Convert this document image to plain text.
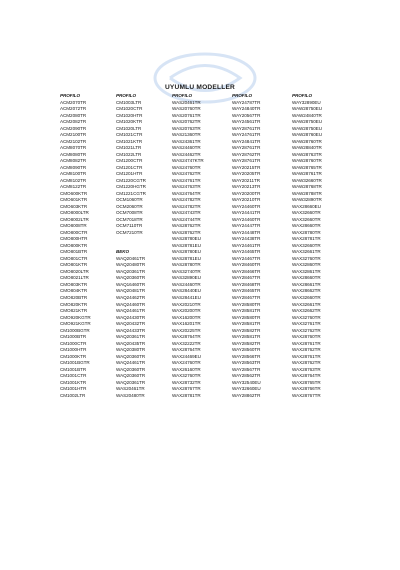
UYUMLU MODELLER
PROFILO
ACM2070TR
ACM2072TR
ACM2080TR
ACM2082TR
ACM2090TR
ACM2100TR
ACM2102TR
ACM8070TR
ACM8080TR
ACM8082TR
ACM8090TR
ACM8100TR
ACM8102TR
ACM8122TR
CMO600KTR
CMO601KTR
CMO603KTR
CMO8000LTR
CMO8002LTR
CMO8008TR
CMO800CTR
CMO800HTR
CMO800KTR
CMO801BTR
CMO801CTR
CMO801KTR
CMO8020LTR
CMO8021LTR
CMO803KTR
CMO804KTR
CMO820BTR
CMO820KTR
CMO821KTR
CMO920KGTR
CMO921KGTR
CM1000BGTR
CM1000BTR
CM1000CTR
CM1000HTR
CM1000KTR
CM1001BGTR
CM1001BTR
CM1001CTR
CM1001KTR
CM1001HTR
CM1002LTR
PROFILO
CM1003LTR
CM1020CTR
CM1020HTR
CM1020KTR
CM1020LTR
CM1021CTR
CM1021KTR
CM1021LTR
CM1022LTR
CM1200CTR
CM1201CTR
CM1201HTR
CM1220CGTR
CM1220HGTR
CM1221CGTR
OCM1060TR
OCM2060TR
OCM7008TR
OCM7018TR
OCM7110TR
OCM7210TR
BEKO
WAQ20461TR
WAQ20480TR
WAQ20361TR
WAQ20360TR
WAQ16460TR
WAQ20481TR
WAQ24462TR
WAQ24460TR
WAQ24461TR
WAQ24430TR
WAQ20432TR
WAQ24433TR
WAQ20361TR
WAQ20435TR
WAQ20380TR
WAQ20360TR
WAQ24461TR
WAQ20360TR
WAQ20360TR
WAQ20361TR
WAS20461TR
WAS20480TR
PROFILO
WAS20461TR
WAS20760TR
WAS20761TR
WAS20762TR
WAS20763TR
WAS21360TR
WAS24361TR
WAS24460TR
WAS24462TR
WAS24747KTR
WAS24760TR
WAS24762TR
WAS24761TR
WAS24763TR
WAS24764TR
WAS24782TR
WAS24782TR
WAS24743TR
WAS24744TR
WAS28762TR
WAS28762TR
WAS28780EU
WAS28781EU
WAS28780EU
WAS28781EU
WAS28780TR
WAS32740TR
WAS32890EU
WAS24460TR
WAS28440EU
WAS28441EU
WAX20210TR
WAX20200TR
WAX16200TR
WAX16201TR
WAX20225TR
WAX28764TR
WAX32222TR
WAX28764TR
WAX24469EU
WAX24760TR
WAX26160TR
WAX32760TR
WAX28732TR
WAX28767TR
WAX28781TR
PROFILO
WAY24787TR
WAY24840TR
WAY20567TR
WAY24561TR
WAY28761TR
WAY24761TR
WAY24841TR
WAY28761TR
WAY28762TR
WAY28761TR
WAY20215TR
WAY20205TR
WAY20211TR
WAY20213TR
WAY20200TR
WAY20210TR
WAY24460TR
WAY24441TR
WAY24460TR
WAY24447TR
WAY24448TR
WAY24438TR
WAY24461TR
WAY24465TR
WAY24467TR
WAY28460TR
WAY28466TR
WAY28467TR
WAY28468TR
WAY28465TR
WAY28467TR
WAY28580TR
WAY28581TR
WAY28580TR
WAY28581TR
WAY28582TR
WAY28581TR
WAY28582TR
WAY28560TR
WAY28566TR
WAY28563TR
WAY28567TR
WAY28562TR
WAY32540EU
WAY32660EU
WAY28862TR
PROFILO
WAY32890EU
WAW28750EU
WAW24840TR
WAW28750EU
WAW28750EU
WAW28760EU
WAW28760TR
WAW28840TR
WAW28763TR
WAW28760TR
WAW28765TR
WAW28761TR
WAW32660TR
WAW28768TR
WAW28788TR
WAW32890TR
WAX28660EU
WAX32660TR
WAX32660TR
WAX28660TR
WAX28780TR
WAX28781TR
WAX32660TR
WAX32661TR
WAX32760TR
WAX32860TR
WAX32861TR
WAX28660TR
WAX28661TR
WAX28662TR
WAX32660TR
WAX32661TR
WAX32662TR
WAX32760TR
WAX32761TR
WAX32762TR
WAX28760TR
WAX28761TR
WAX28762TR
WAX28761TR
WAX28762TR
WAX28763TR
WAX28764TR
WAX28765TR
WAX28766TR
WAX28767TR
